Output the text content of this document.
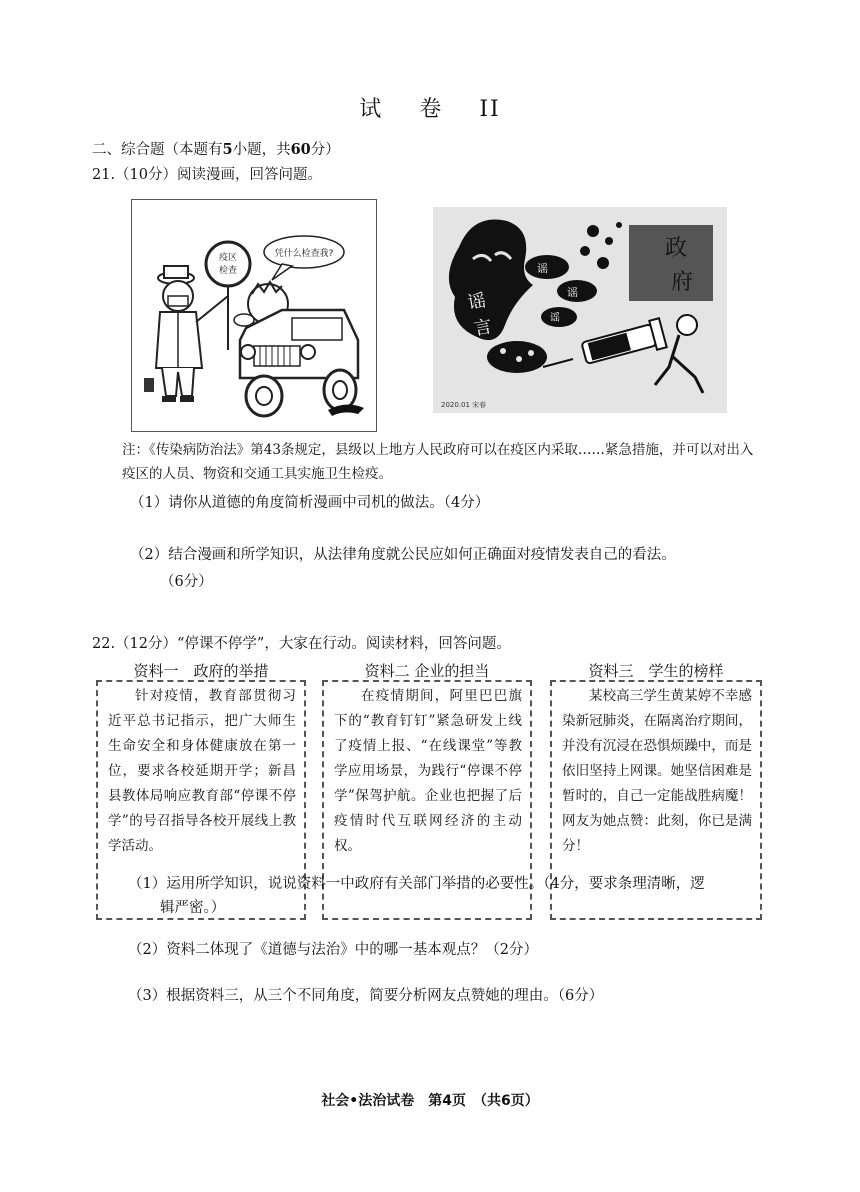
试 卷 II
二、综合题（本题有5小题，共60分）
21.（10分）阅读漫画，回答问题。
疫区
检查
凭什么检查我?
谣
言
谣
谣
谣
政
府
2020.01 宋春
注：《传染病防治法》第43条规定，县级以上地方人民政府可以在疫区内采取……紧急措施，并可以对出入疫区的人员、物资和交通工具实施卫生检疫。
（1）请你从道德的角度简析漫画中司机的做法。（4分）
（2）结合漫画和所学知识，从法律角度就公民应如何正确面对疫情发表自己的看法。
（6分）
22.（12分）“停课不停学”，大家在行动。阅读材料，回答问题。
资料一　政府的举措	资料二 企业的担当	资料三　学生的榜样
针对疫情，教育部贯彻习近平总书记指示，把广大师生生命安全和身体健康放在第一位，要求各校延期开学；新昌县教体局响应教育部“停课不停学”的号召指导各校开展线上教学活动。
在疫情期间，阿里巴巴旗下的“教育钉钉”紧急研发上线了疫情上报、“在线课堂”等教学应用场景，为践行“停课不停学”保驾护航。企业也把握了后疫情时代互联网经济的主动权。
某校高三学生黄某婷不幸感染新冠肺炎，在隔离治疗期间，并没有沉浸在恐惧烦躁中，而是依旧坚持上网课。她坚信困难是暂时的，自己一定能战胜病魔！网友为她点赞：此刻，你已是满分！
（1）运用所学知识，说说资料一中政府有关部门举措的必要性。（4分，要求条理清晰，逻
辑严密。）
（2）资料二体现了《道德与法治》中的哪一基本观点？（2分）
（3）根据资料三，从三个不同角度，简要分析网友点赞她的理由。（6分）
社会•法治试卷　第4页　（共6页）
